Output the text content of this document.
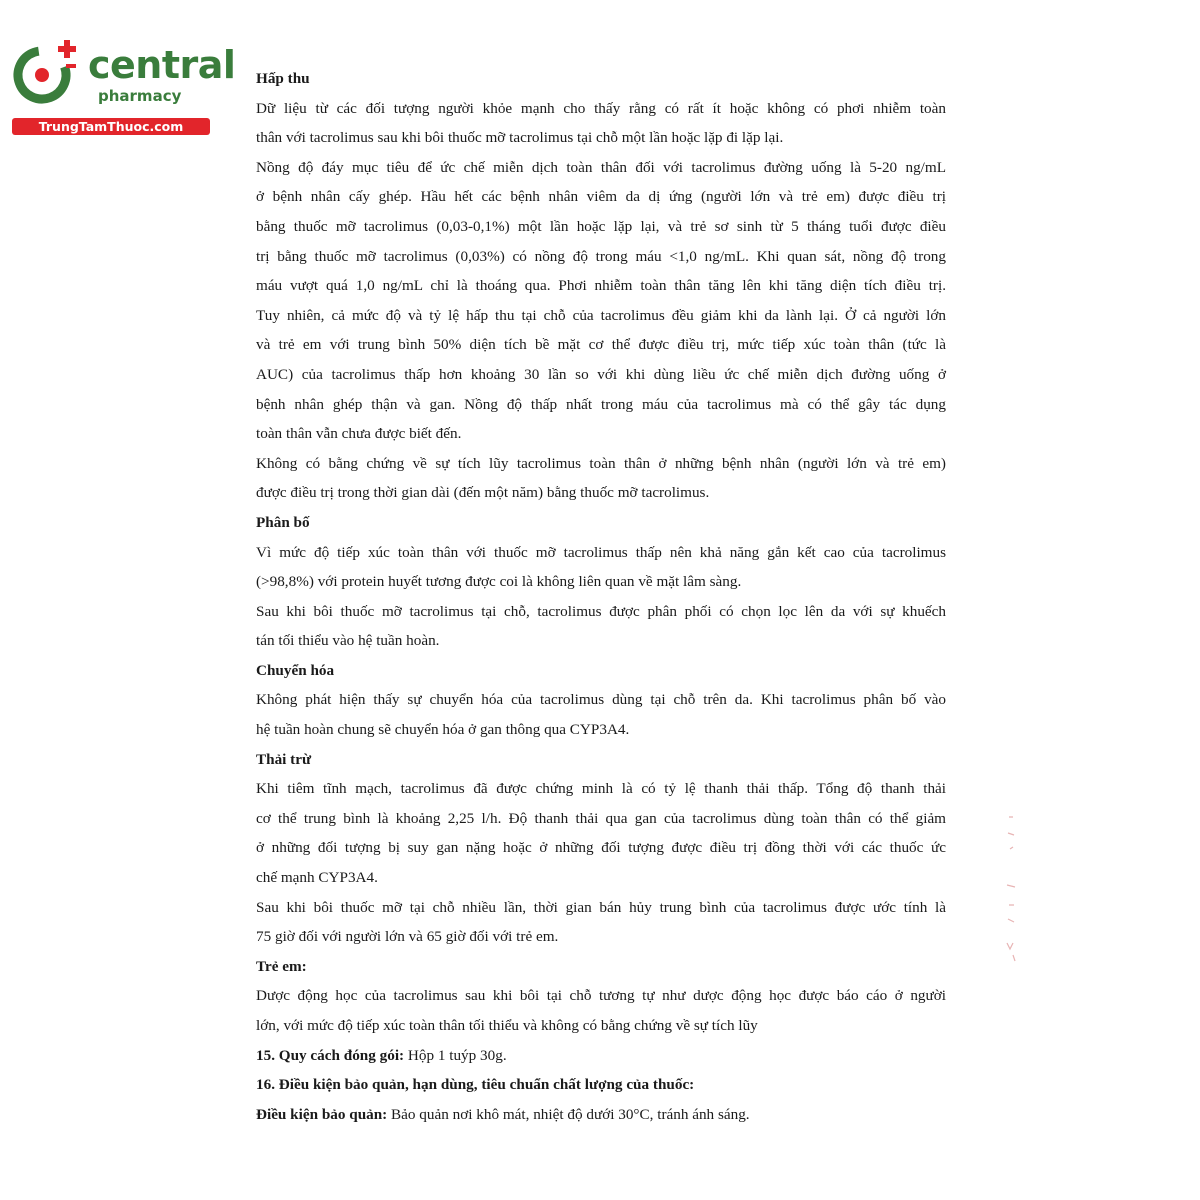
central
pharmacy
TrungTamThuoc.com
Hấp thu
Dữ liệu từ các đối tượng người khỏe mạnh cho thấy rằng có rất ít hoặc không có phơi nhiễm toàn
thân với tacrolimus sau khi bôi thuốc mỡ tacrolimus tại chỗ một lần hoặc lặp đi lặp lại.
Nồng độ đáy mục tiêu để ức chế miễn dịch toàn thân đối với tacrolimus đường uống là 5-20 ng/mL
ở bệnh nhân cấy ghép. Hầu hết các bệnh nhân viêm da dị ứng (người lớn và trẻ em) được điều trị
bằng thuốc mỡ tacrolimus (0,03-0,1%) một lần hoặc lặp lại, và trẻ sơ sinh từ 5 tháng tuổi được điều
trị bằng thuốc mỡ tacrolimus (0,03%) có nồng độ trong máu <1,0 ng/mL. Khi quan sát, nồng độ trong
máu vượt quá 1,0 ng/mL chỉ là thoáng qua. Phơi nhiễm toàn thân tăng lên khi tăng diện tích điều trị.
Tuy nhiên, cả mức độ và tỷ lệ hấp thu tại chỗ của tacrolimus đều giảm khi da lành lại. Ở cả người lớn
và trẻ em với trung bình 50% diện tích bề mặt cơ thể được điều trị, mức tiếp xúc toàn thân (tức là
AUC) của tacrolimus thấp hơn khoảng 30 lần so với khi dùng liều ức chế miễn dịch đường uống ở
bệnh nhân ghép thận và gan. Nồng độ thấp nhất trong máu của tacrolimus mà có thể gây tác dụng
toàn thân vẫn chưa được biết đến.
Không có bằng chứng về sự tích lũy tacrolimus toàn thân ở những bệnh nhân (người lớn và trẻ em)
được điều trị trong thời gian dài (đến một năm) bằng thuốc mỡ tacrolimus.
Phân bố
Vì mức độ tiếp xúc toàn thân với thuốc mỡ tacrolimus thấp nên khả năng gắn kết cao của tacrolimus
(>98,8%) với protein huyết tương được coi là không liên quan về mặt lâm sàng.
Sau khi bôi thuốc mỡ tacrolimus tại chỗ, tacrolimus được phân phối có chọn lọc lên da với sự khuếch
tán tối thiểu vào hệ tuần hoàn.
Chuyển hóa
Không phát hiện thấy sự chuyển hóa của tacrolimus dùng tại chỗ trên da. Khi tacrolimus phân bố vào
hệ tuần hoàn chung sẽ chuyển hóa ở gan thông qua CYP3A4.
Thải trừ
Khi tiêm tĩnh mạch, tacrolimus đã được chứng minh là có tỷ lệ thanh thải thấp. Tổng độ thanh thải
cơ thể trung bình là khoảng 2,25 l/h. Độ thanh thải qua gan của tacrolimus dùng toàn thân có thể giảm
ở những đối tượng bị suy gan nặng hoặc ở những đối tượng được điều trị đồng thời với các thuốc ức
chế mạnh CYP3A4.
Sau khi bôi thuốc mỡ tại chỗ nhiều lần, thời gian bán hủy trung bình của tacrolimus được ước tính là
75 giờ đối với người lớn và 65 giờ đối với trẻ em.
Trẻ em:
Dược động học của tacrolimus sau khi bôi tại chỗ tương tự như dược động học được báo cáo ở người
lớn, với mức độ tiếp xúc toàn thân tối thiểu và không có bằng chứng về sự tích lũy
15. Quy cách đóng gói: Hộp 1 tuýp 30g.
16. Điều kiện bảo quản, hạn dùng, tiêu chuẩn chất lượng của thuốc:
Điều kiện bảo quản: Bảo quản nơi khô mát, nhiệt độ dưới 30°C, tránh ánh sáng.
